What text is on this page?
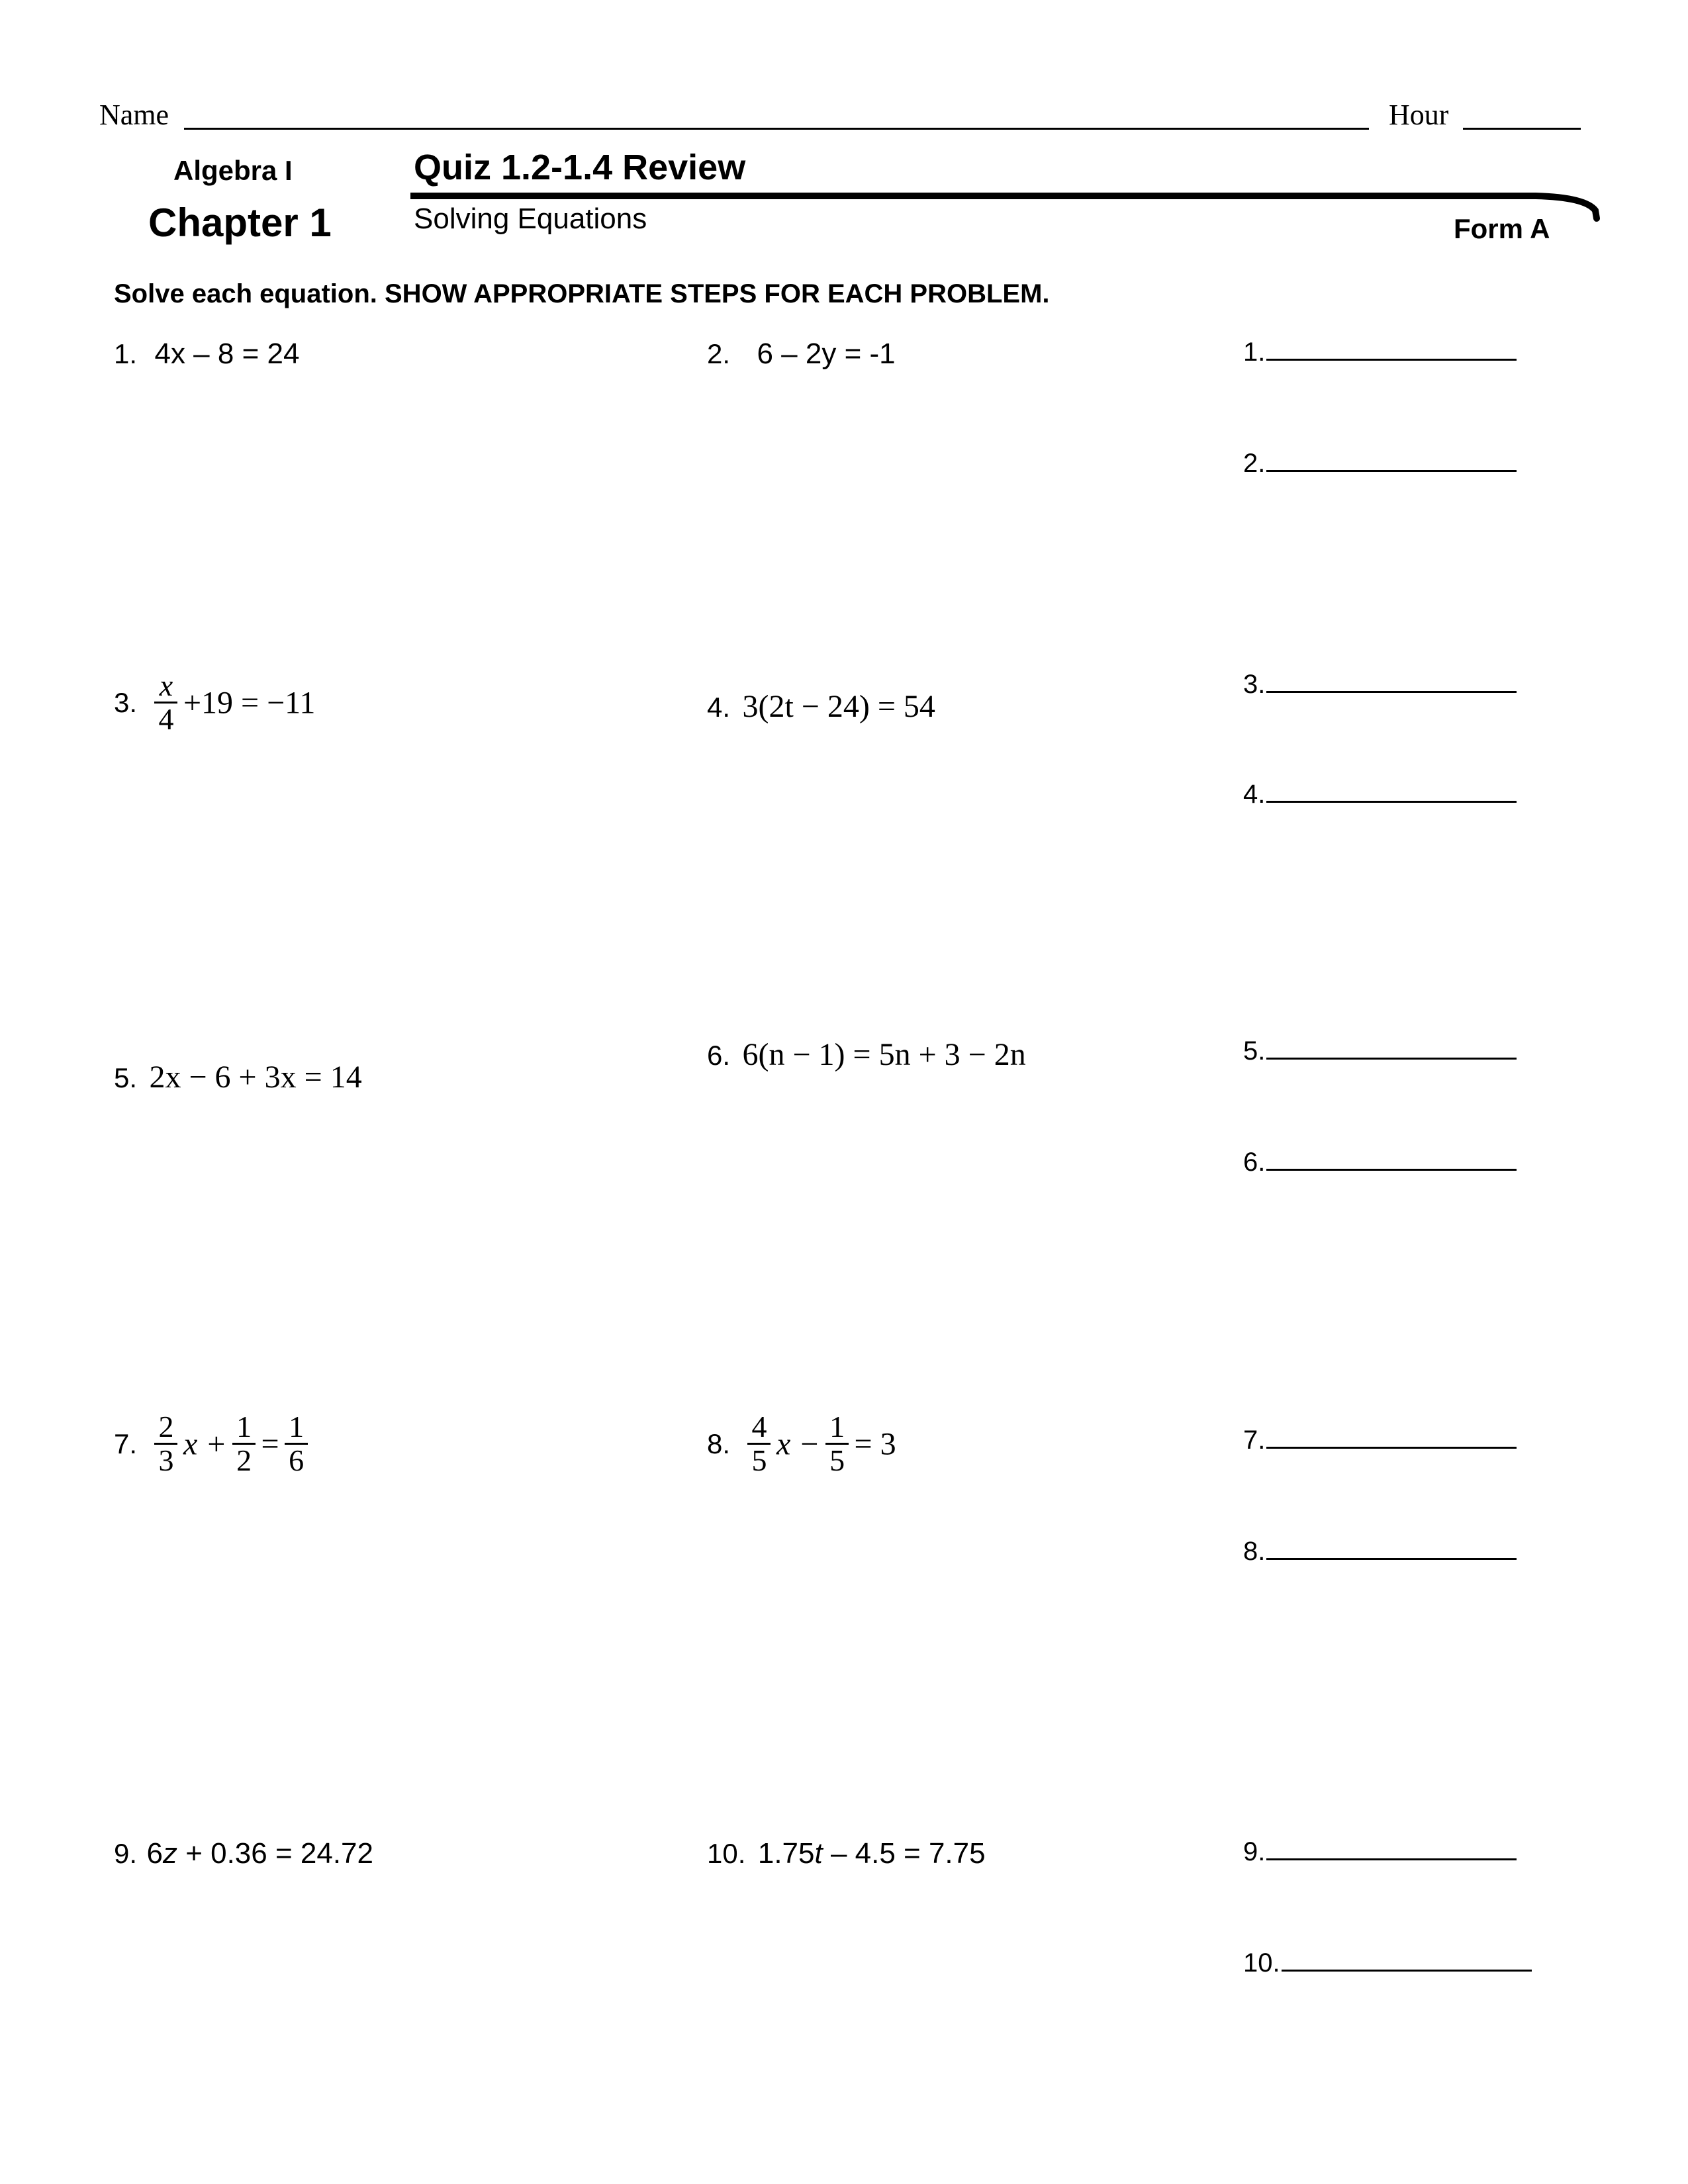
Name	Hour
Algebra I
Chapter 1
Quiz 1.2-1.4 Review
Solving Equations	Form A
Solve each equation. SHOW APPROPRIATE STEPS FOR EACH PROBLEM.
1. 4x – 8 = 24	2. 6 – 2y = -1
3. $\frac{x}{4} +19 = -11$	4. 3(2t − 24) = 54
5. 2x − 6 + 3x = 14
6. 6(n − 1) = 5n + 3 − 2n
7. $\frac{2}{3}$ $x + \frac{1}{2} = \frac{1}{6}$	8. $\frac{4}{5}$ $x - \frac{1}{5} = 3$
9. 6z + 0.36 = 24.72	10. 1.75t – 4.5 = 7.75
1.
2.
3.
4.
5.
6.
7.
8.
9.
10.
